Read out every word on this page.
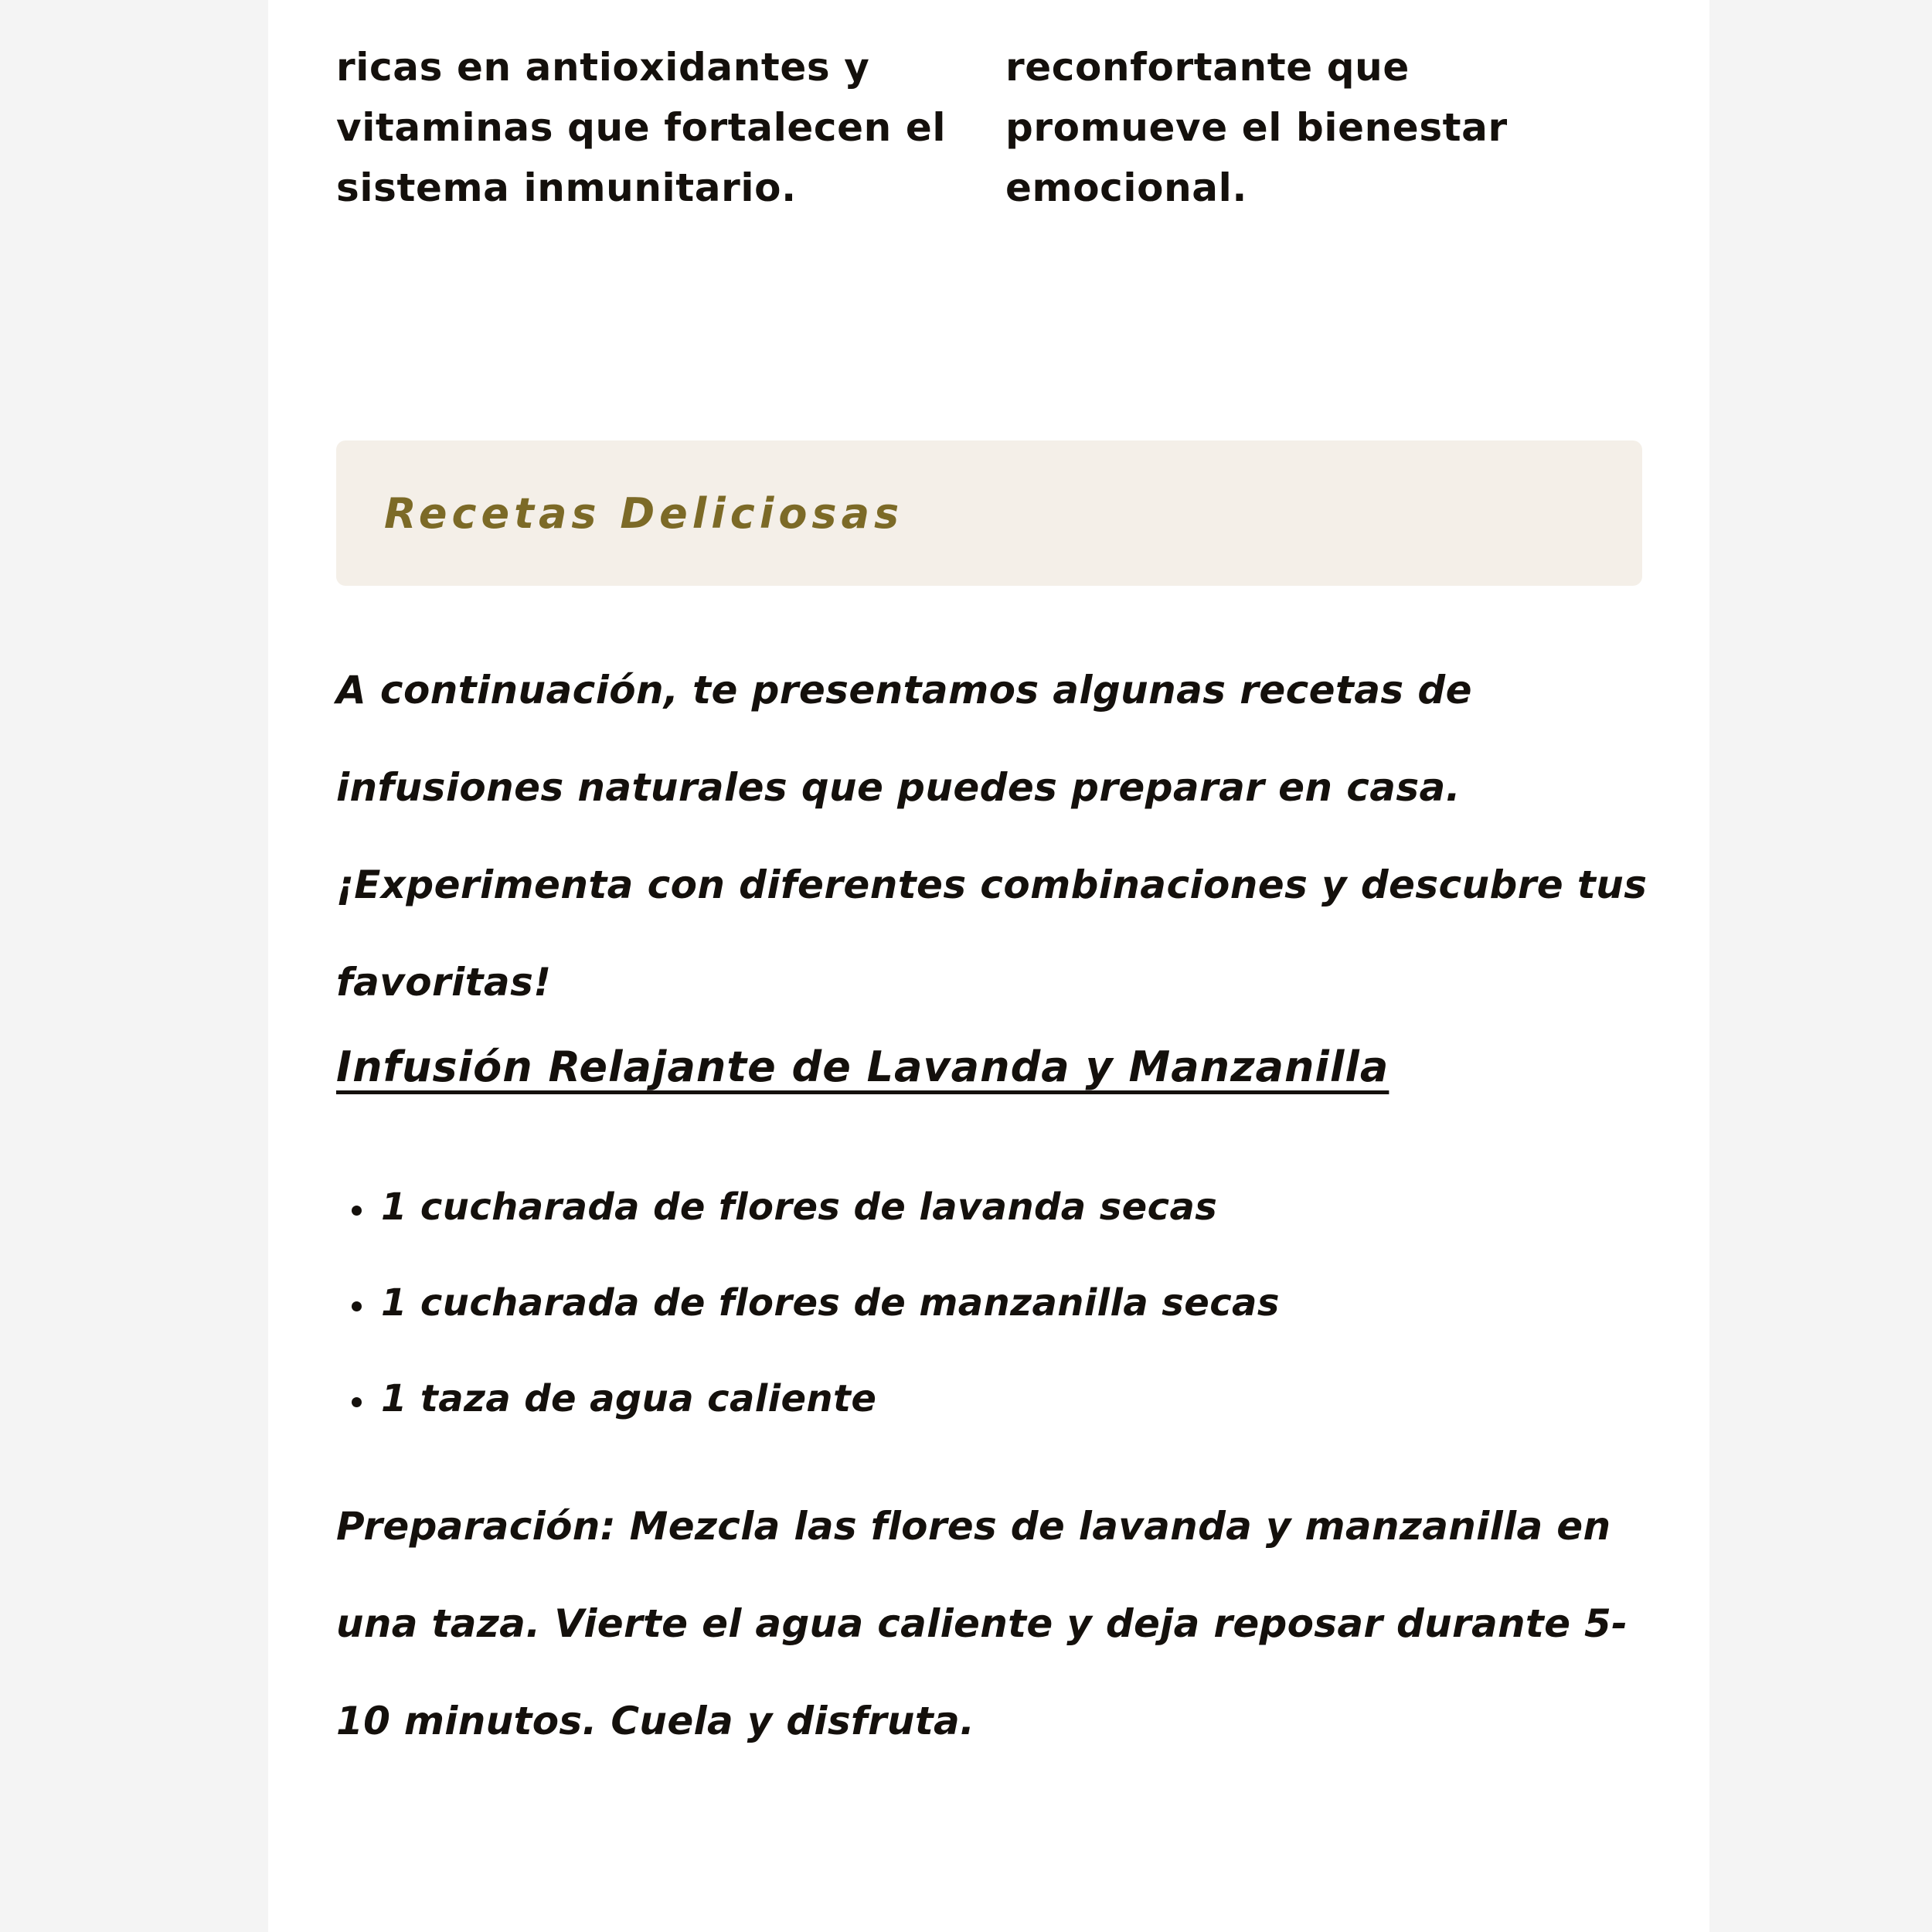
ricas en antioxidantes y vitaminas que fortalecen el sistema inmunitario.

reconfortante que promueve el bienestar emocional.

Recetas Deliciosas

A continuación, te presentamos algunas recetas de infusiones naturales que puedes preparar en casa. ¡Experimenta con diferentes combinaciones y descubre tus favoritas!

Infusión Relajante de Lavanda y Manzanilla
1 cucharada de flores de lavanda secas
1 cucharada de flores de manzanilla secas
1 taza de agua caliente

Preparación: Mezcla las flores de lavanda y manzanilla en una taza. Vierte el agua caliente y deja reposar durante 5-10 minutos. Cuela y disfruta.
